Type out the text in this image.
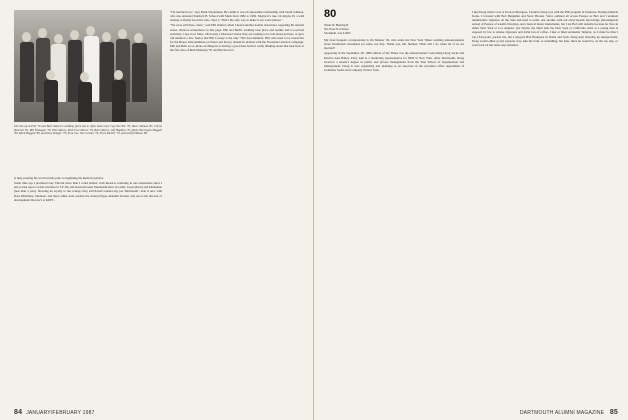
The line up at Phil '79 and Beth Odence's wedding (from left to right, back row): Guy Van Wie '79, Dave Gillman '81, Cheryl Rosevelt '81, Bill Flanagan '79, Phil Odence, Beth Fox Odence '79, Beth Odence, Jeff Hopkins '79, Diane Burroughs Hoggatt '80, Mark Hoggatt '80, and Dave Klinger '79; front row, Jim Corsaro '79, Norm Richter '79, and Geoff Eddison '80.

is busy plotting his world travels prior to beginning his medical practice.

Some time ago I promised Guy Vincent more than I could deliver. Josh Rosen is returning in one somewhere since I am at least report on his activities in S.F. He and Karen Kroeker Nussbaum have two kids, Jason (three) and Madeleine (less than a year). Showing no loyalty to the college, they still haven't named any pet 'Dartmouth.' Josh is now with Ross Phillsbury, Madison, and Sutro while Josh. teaches the classical hypo-thalamic Racket, and one is the director of development director's at KDFC.

"I'm married now," says Mark Snyderman. He claims it was an unpossible relationship with Sarah Johnson, who also attended Stanford B. School with Mark from 1982 to 1982. Maybe it's true. Or maybe it's a wild attempt to finally boost his ratio. Says I, "That's the only way to make it our worst photos."

"We were still there, done," said Phil Odence when I heard another double obseriance regarding his marital status. Observe somewhere on this page. Phil and Beth's wedding took place and neither and is received Gelerally. Cape God. Mass. Obviously a Morstead visitor they are waiting to be told about pictures, so give 'em mention a few. Notice that Bill Cooney is the only '79er best disturber. Bill, who used to be researcher for the House Subcommittee on Water and Power, should be planted with the November election campaign. Phil and Beth are so kicks on things he is having a good time but he's really thinking about that heal back at the first date of Beth Mahoney '81 and Bob Kovacs.

84 JANUARY/FEBRUARY 1987
80
Wade W. Herring II
521 East 51st Street
Savannah, GA 31405

My most frequent correspondent is On Skinner '29, who sends me New York Times wedding announcements about Dartmouth classmates (at some, not his). Thank you, Mr. Skinner. What will I do when all of us are married?

Appearing in the September 28, 1986 edition of the Times was the announcement concerning Doug Sacks and Patricia Ann Bailey. Patty Ann is a marketing representative for IBM in New York. After Dartmouth, Doug received a master's degree in public and private management from the Yale School of Organization and Management. Doug is now organizing and planning as an associate in the securities office department of Goldman, Sachs and Company in New York.

I met Doug when I was at UGA in Bourgeee. I believe Doug was with the PSP program in Toulouse. During midterm break, I traveled with Bob Benjamin and Steve Brooks. Steve outlined all across Europe so Bob and I endured innumerable vignettes on the train and tried to outdo one another with our encyclopedic knowledge (mostempirda series) of Europe of wealth, lifestyles, and classical music instruments, but I bet Bob still remains because he lives in either New York or Los Angeles. (Or maybe my mind tells me New York or California artist at a young man is exposed by law to smoke cigarettes and drink lots of coffee. I met at Intercontinental Templar, as it must be time I ran.) Everyone, pardon me, but I enjoyed Bob Bourgeee in Rome and back. Doug kept showing up unexpectedly. Doug would either go his separate way, take the train, or something, but later, there he would be, on the top step, or even back on the same step somehow.

DARTMOUTH ALUMNI MAGAZINE 85
